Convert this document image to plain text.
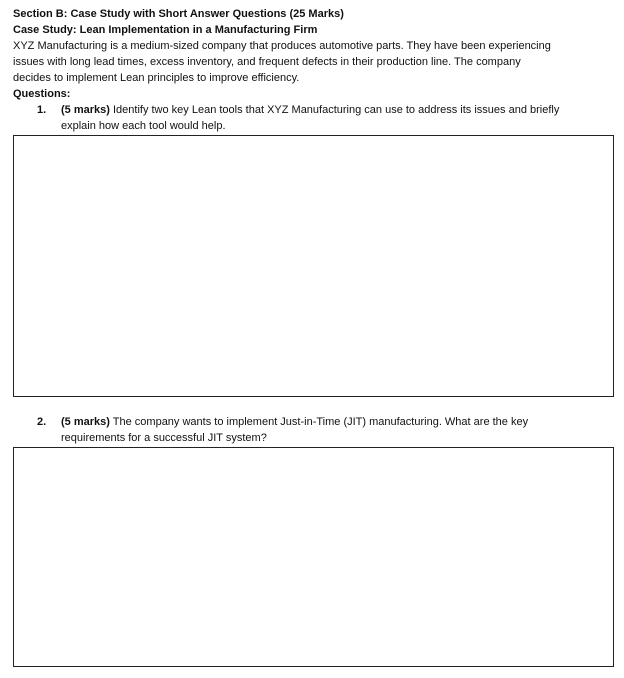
Section B: Case Study with Short Answer Questions (25 Marks)
Case Study: Lean Implementation in a Manufacturing Firm
XYZ Manufacturing is a medium-sized company that produces automotive parts. They have been experiencing
issues with long lead times, excess inventory, and frequent defects in their production line. The company
decides to implement Lean principles to improve efficiency.
Questions:
1. (5 marks) Identify two key Lean tools that XYZ Manufacturing can use to address its issues and briefly
explain how each tool would help.
2. (5 marks) The company wants to implement Just-in-Time (JIT) manufacturing. What are the key
requirements for a successful JIT system?
